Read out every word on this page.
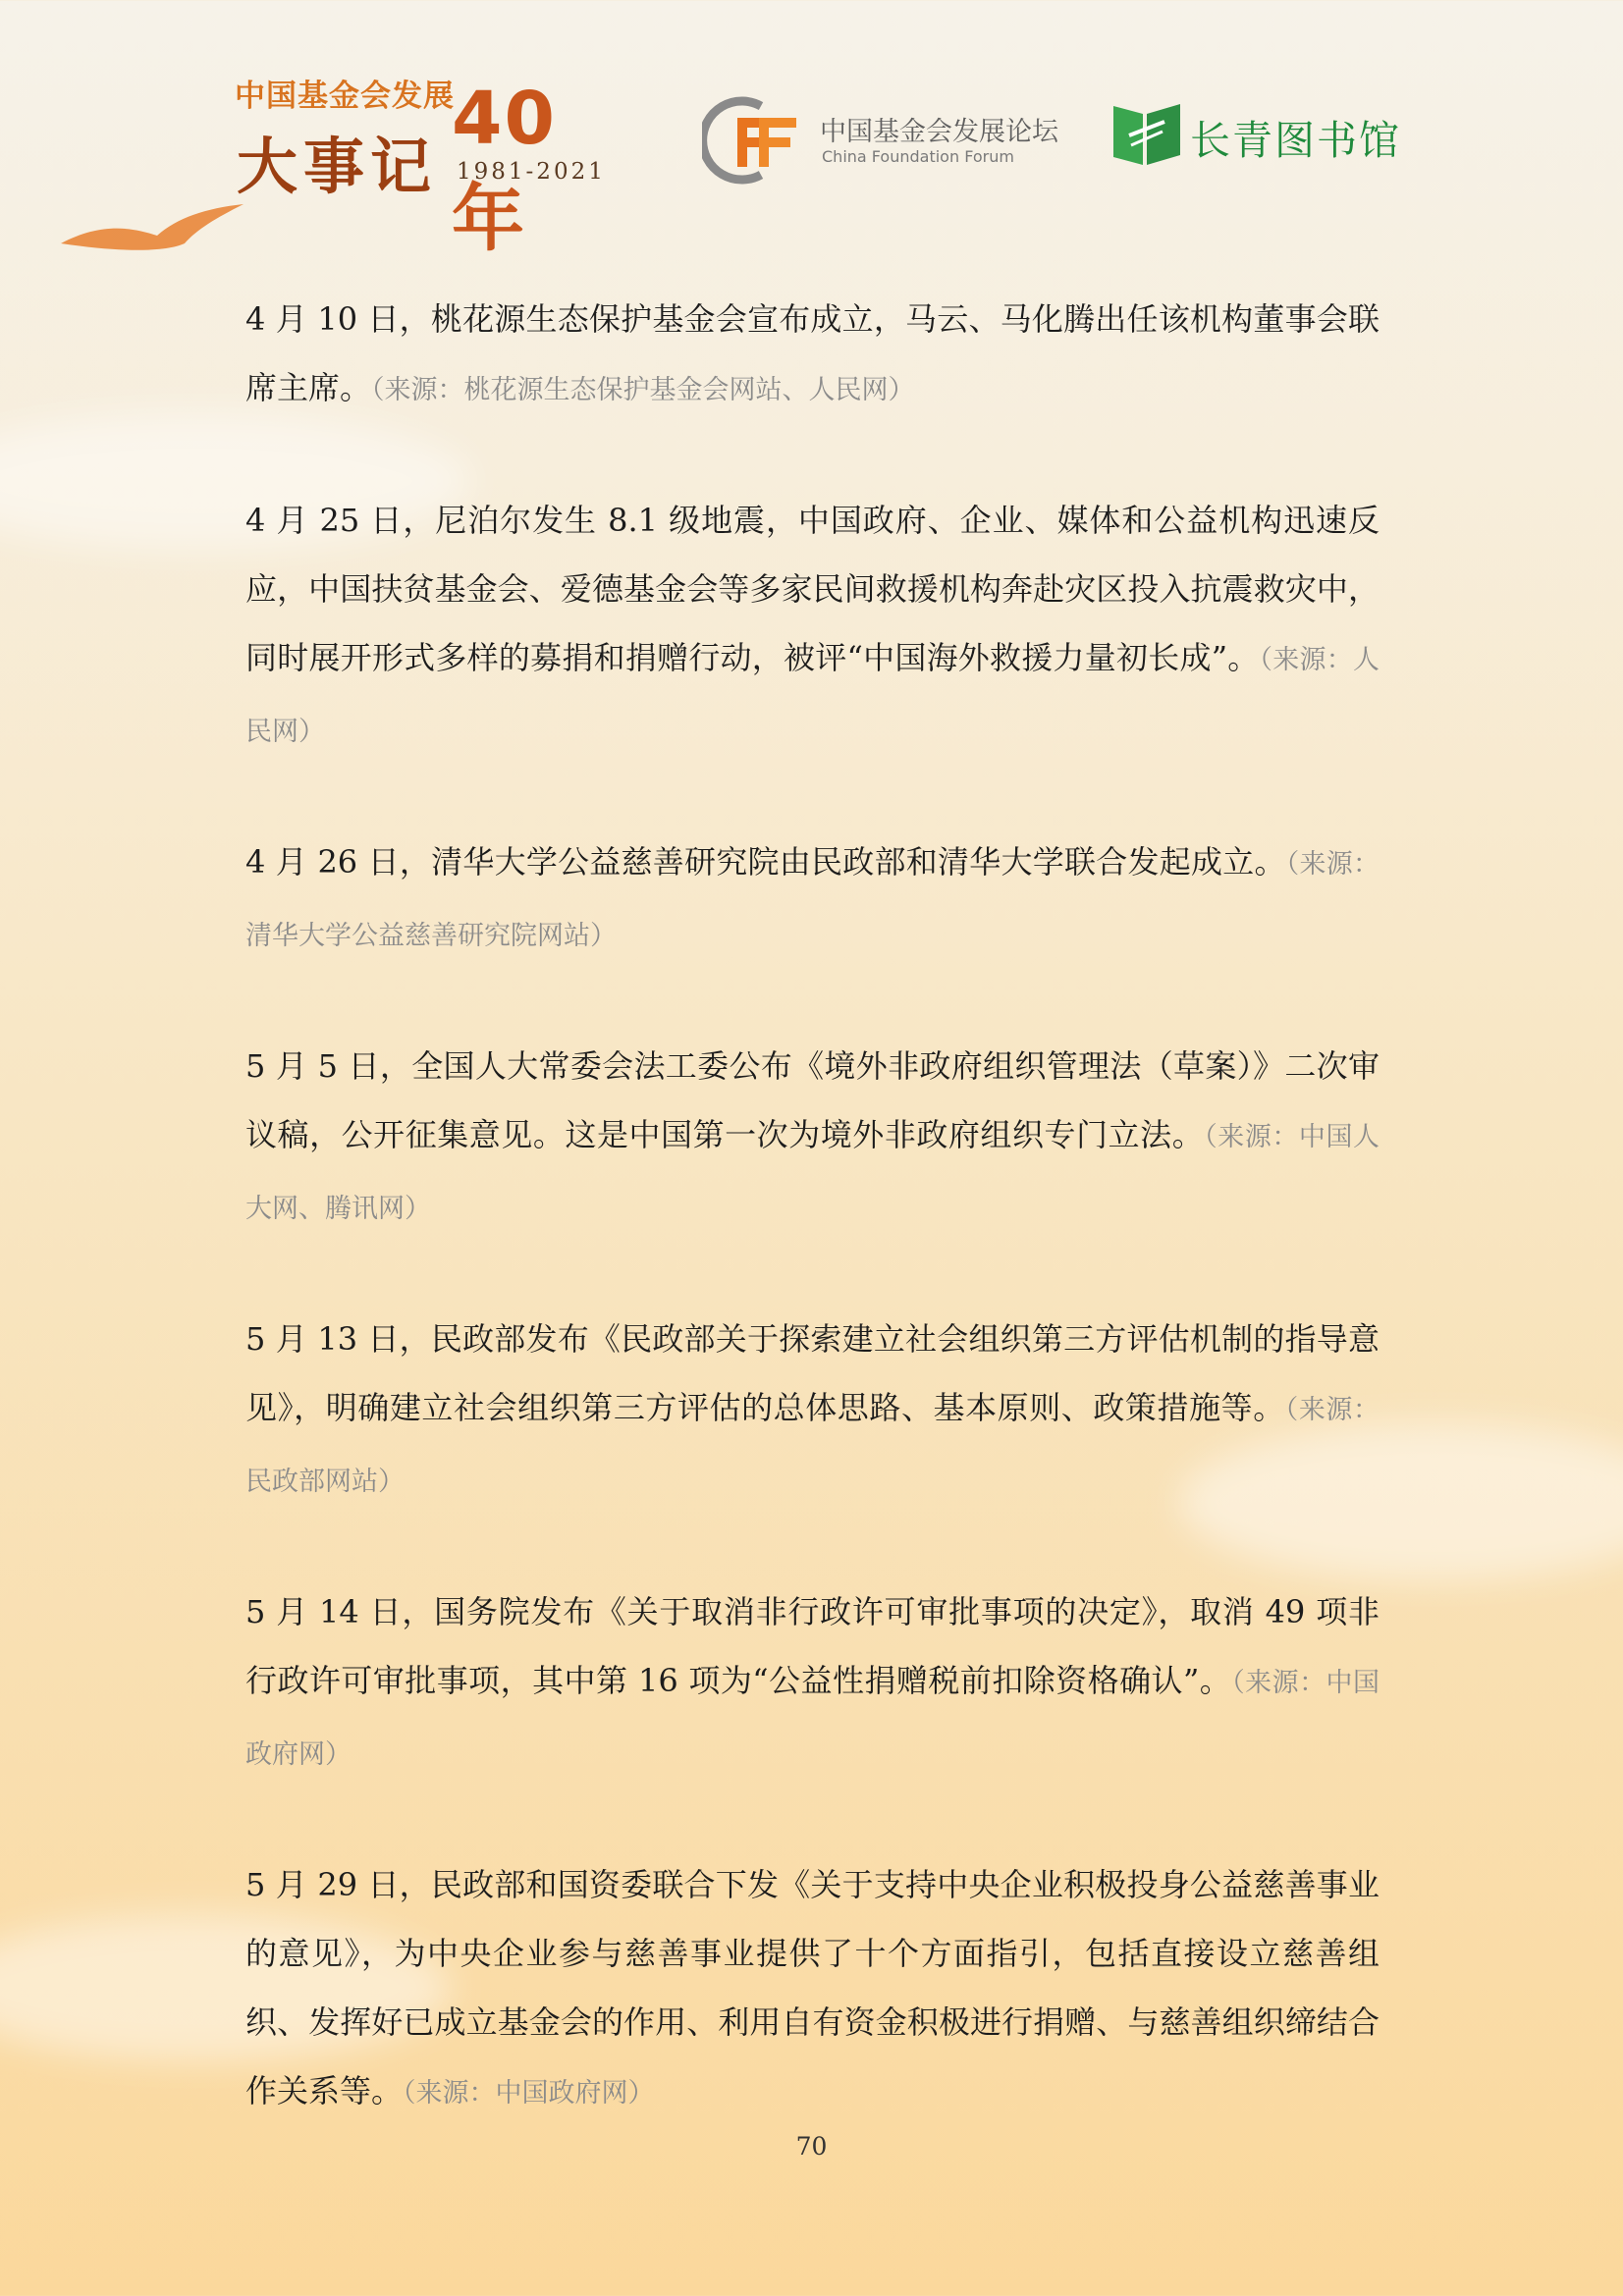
中国基金会发展
大事记
40年
1981-2021
中国基金会发展论坛
China Foundation Forum	长青图书馆

4 月 10 日，桃花源生态保护基金会宣布成立，马云、马化腾出任该机构董事会联席主席。（来源：桃花源生态保护基金会网站、人民网）

4 月 25 日，尼泊尔发生 8.1 级地震，中国政府、企业、媒体和公益机构迅速反应，中国扶贫基金会、爱德基金会等多家民间救援机构奔赴灾区投入抗震救灾中，同时展开形式多样的募捐和捐赠行动，被评“中国海外救援力量初长成”。（来源：人民网）

4 月 26 日，清华大学公益慈善研究院由民政部和清华大学联合发起成立。（来源：清华大学公益慈善研究院网站）

5 月 5 日，全国人大常委会法工委公布《境外非政府组织管理法（草案）》二次审议稿，公开征集意见。这是中国第一次为境外非政府组织专门立法。（来源：中国人大网、腾讯网）

5 月 13 日，民政部发布《民政部关于探索建立社会组织第三方评估机制的指导意见》，明确建立社会组织第三方评估的总体思路、基本原则、政策措施等。（来源：民政部网站）

5 月 14 日，国务院发布《关于取消非行政许可审批事项的决定》，取消 49 项非行政许可审批事项，其中第 16 项为“公益性捐赠税前扣除资格确认”。（来源：中国政府网）

5 月 29 日，民政部和国资委联合下发《关于支持中央企业积极投身公益慈善事业的意见》，为中央企业参与慈善事业提供了十个方面指引，包括直接设立慈善组织、发挥好已成立基金会的作用、利用自有资金积极进行捐赠、与慈善组织缔结合作关系等。（来源：中国政府网）

70
